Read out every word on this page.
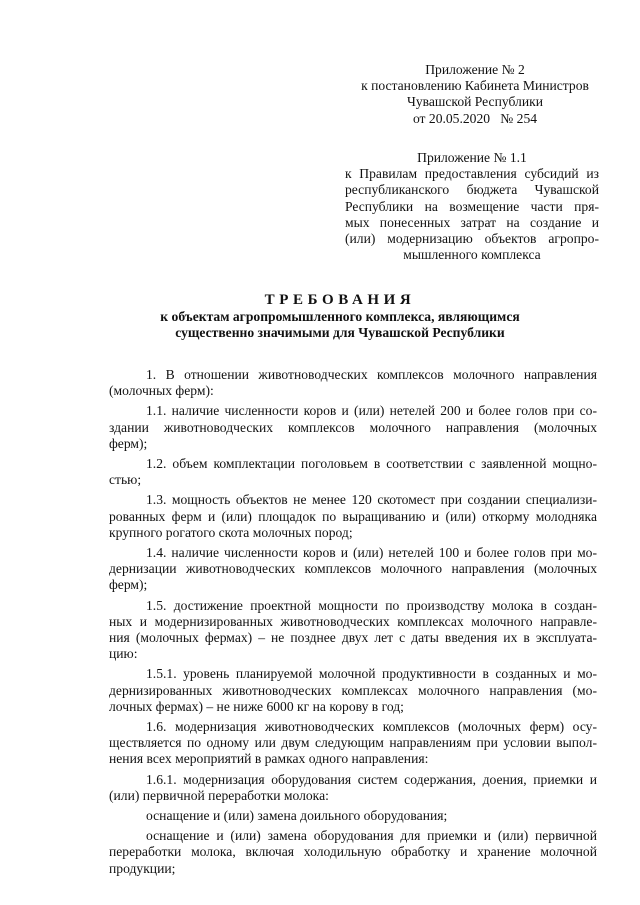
Приложение № 2
к постановлению Кабинета Министров
Чувашской Республики
от 20.05.2020 № 254
Приложение № 1.1
к Правилам предоставления субсидий из
республиканского бюджета Чувашской
Республики на возмещение части пря-
мых понесенных затрат на создание и
(или) модернизацию объектов агропро-
мышленного комплекса
ТРЕБОВАНИЯ
к объектам агропромышленного комплекса, являющимся
существенно значимыми для Чувашской Республики
1. В отношении животноводческих комплексов молочного направления
(молочных ферм):
1.1. наличие численности коров и (или) нетелей 200 и более голов при со-
здании животноводческих комплексов молочного направления (молочных
ферм);
1.2. объем комплектации поголовьем в соответствии с заявленной мощно-
стью;
1.3. мощность объектов не менее 120 скотомест при создании специализи-
рованных ферм и (или) площадок по выращиванию и (или) откорму молодняка
крупного рогатого скота молочных пород;
1.4. наличие численности коров и (или) нетелей 100 и более голов при мо-
дернизации животноводческих комплексов молочного направления (молочных
ферм);
1.5. достижение проектной мощности по производству молока в создан-
ных и модернизированных животноводческих комплексах молочного направле-
ния (молочных фермах) – не позднее двух лет с даты введения их в эксплуата-
цию:
1.5.1. уровень планируемой молочной продуктивности в созданных и мо-
дернизированных животноводческих комплексах молочного направления (мо-
лочных фермах) – не ниже 6000 кг на корову в год;
1.6. модернизация животноводческих комплексов (молочных ферм) осу-
ществляется по одному или двум следующим направлениям при условии выпол-
нения всех мероприятий в рамках одного направления:
1.6.1. модернизация оборудования систем содержания, доения, приемки и
(или) первичной переработки молока:
оснащение и (или) замена доильного оборудования;
оснащение и (или) замена оборудования для приемки и (или) первичной
переработки молока, включая холодильную обработку и хранение молочной
продукции;
